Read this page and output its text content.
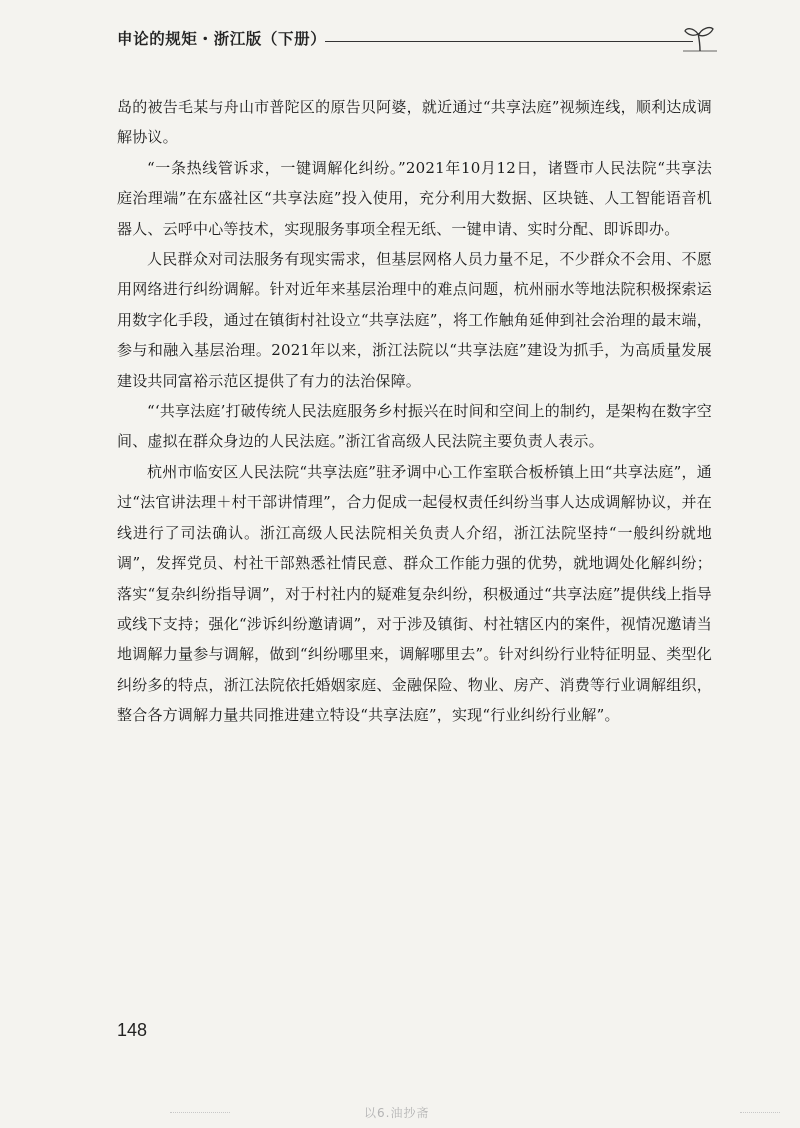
申论的规矩・浙江版（下册）

岛的被告毛某与舟山市普陀区的原告贝阿婆，就近通过“共享法庭”视频连线，顺利达成调解协议。

“一条热线管诉求，一键调解化纠纷。”2021年10月12日，诸暨市人民法院“共享法庭治理端”在东盛社区“共享法庭”投入使用，充分利用大数据、区块链、人工智能语音机器人、云呼中心等技术，实现服务事项全程无纸、一键申请、实时分配、即诉即办。

人民群众对司法服务有现实需求，但基层网格人员力量不足，不少群众不会用、不愿用网络进行纠纷调解。针对近年来基层治理中的难点问题，杭州丽水等地法院积极探索运用数字化手段，通过在镇街村社设立“共享法庭”，将工作触角延伸到社会治理的最末端，参与和融入基层治理。2021年以来，浙江法院以“共享法庭”建设为抓手，为高质量发展建设共同富裕示范区提供了有力的法治保障。

“‘共享法庭’打破传统人民法庭服务乡村振兴在时间和空间上的制约，是架构在数字空间、虚拟在群众身边的人民法庭。”浙江省高级人民法院主要负责人表示。

杭州市临安区人民法院“共享法庭”驻矛调中心工作室联合板桥镇上田“共享法庭”，通过“法官讲法理＋村干部讲情理”，合力促成一起侵权责任纠纷当事人达成调解协议，并在线进行了司法确认。浙江高级人民法院相关负责人介绍，浙江法院坚持“一般纠纷就地调”，发挥党员、村社干部熟悉社情民意、群众工作能力强的优势，就地调处化解纠纷；落实“复杂纠纷指导调”，对于村社内的疑难复杂纠纷，积极通过“共享法庭”提供线上指导或线下支持；强化“涉诉纠纷邀请调”，对于涉及镇街、村社辖区内的案件，视情况邀请当地调解力量参与调解，做到“纠纷哪里来，调解哪里去”。针对纠纷行业特征明显、类型化纠纷多的特点，浙江法院依托婚姻家庭、金融保险、物业、房产、消费等行业调解组织，整合各方调解力量共同推进建立特设“共享法庭”，实现“行业纠纷行业解”。

148
以6.油抄斋
